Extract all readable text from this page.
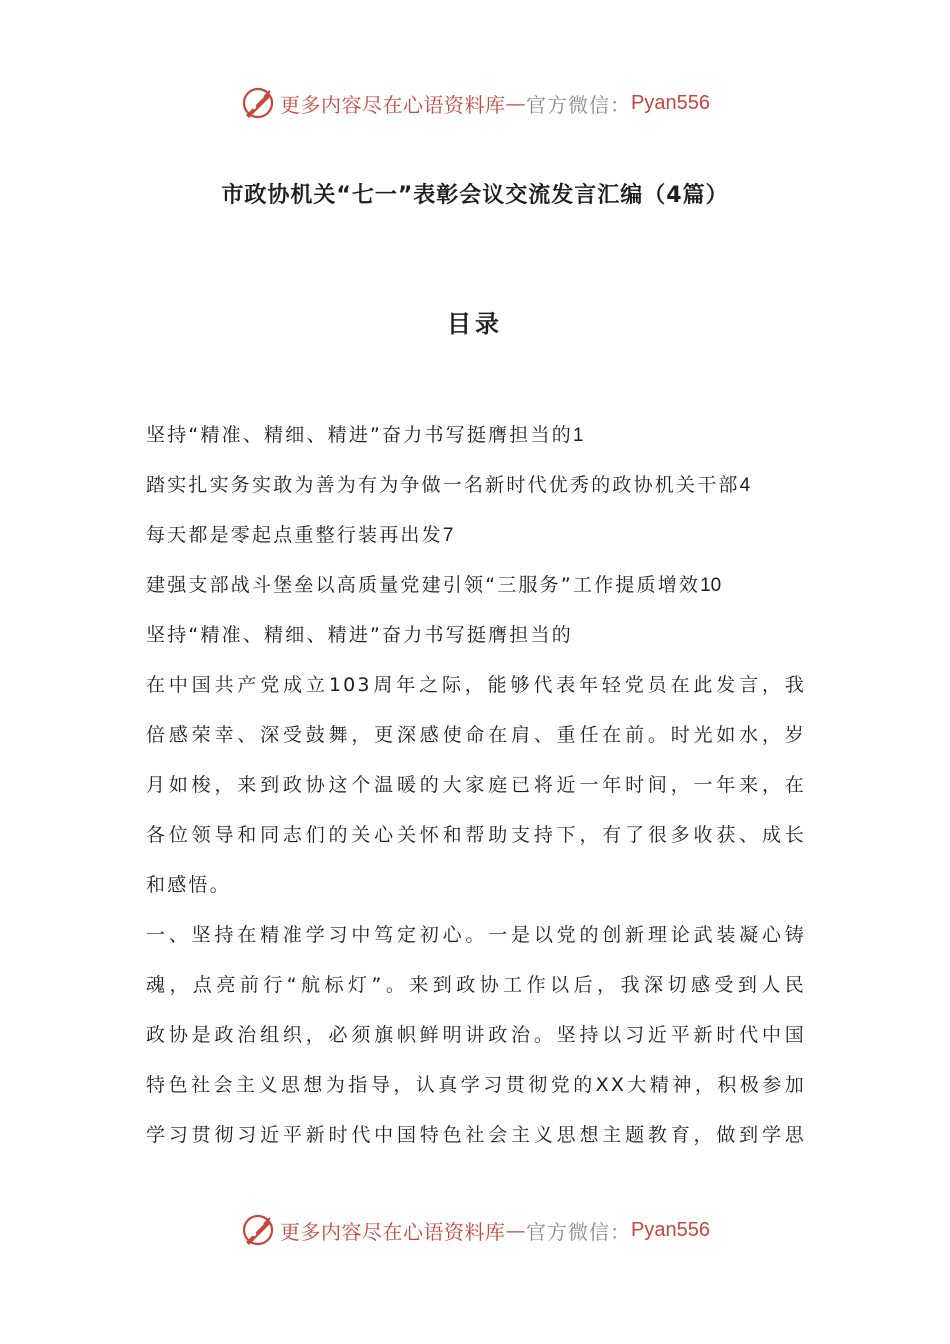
更多内容尽在心语资料库 — 官方微信： Pyan556
市政协机关“七一”表彰会议交流发言汇编（4篇）
目录
坚持“精准、精细、精进”奋力书写挺膺担当的1
踏实扎实务实敢为善为有为争做一名新时代优秀的政协机关干部4
每天都是零起点重整行装再出发7
建强支部战斗堡垒以高质量党建引领“三服务”工作提质增效10
坚持“精准、精细、精进”奋力书写挺膺担当的
在中国共产党成立103周年之际，能够代表年轻党员在此发言，我
倍感荣幸、深受鼓舞，更深感使命在肩、重任在前。时光如水，岁
月如梭，来到政协这个温暖的大家庭已将近一年时间，一年来，在
各位领导和同志们的关心关怀和帮助支持下，有了很多收获、成长
和感悟。
一、坚持在精准学习中笃定初心。一是以党的创新理论武装凝心铸
魂，点亮前行“航标灯”。来到政协工作以后，我深切感受到人民
政协是政治组织，必须旗帜鲜明讲政治。坚持以习近平新时代中国
特色社会主义思想为指导，认真学习贯彻党的XX大精神，积极参加
学习贯彻习近平新时代中国特色社会主义思想主题教育，做到学思
更多内容尽在心语资料库 — 官方微信： Pyan556
